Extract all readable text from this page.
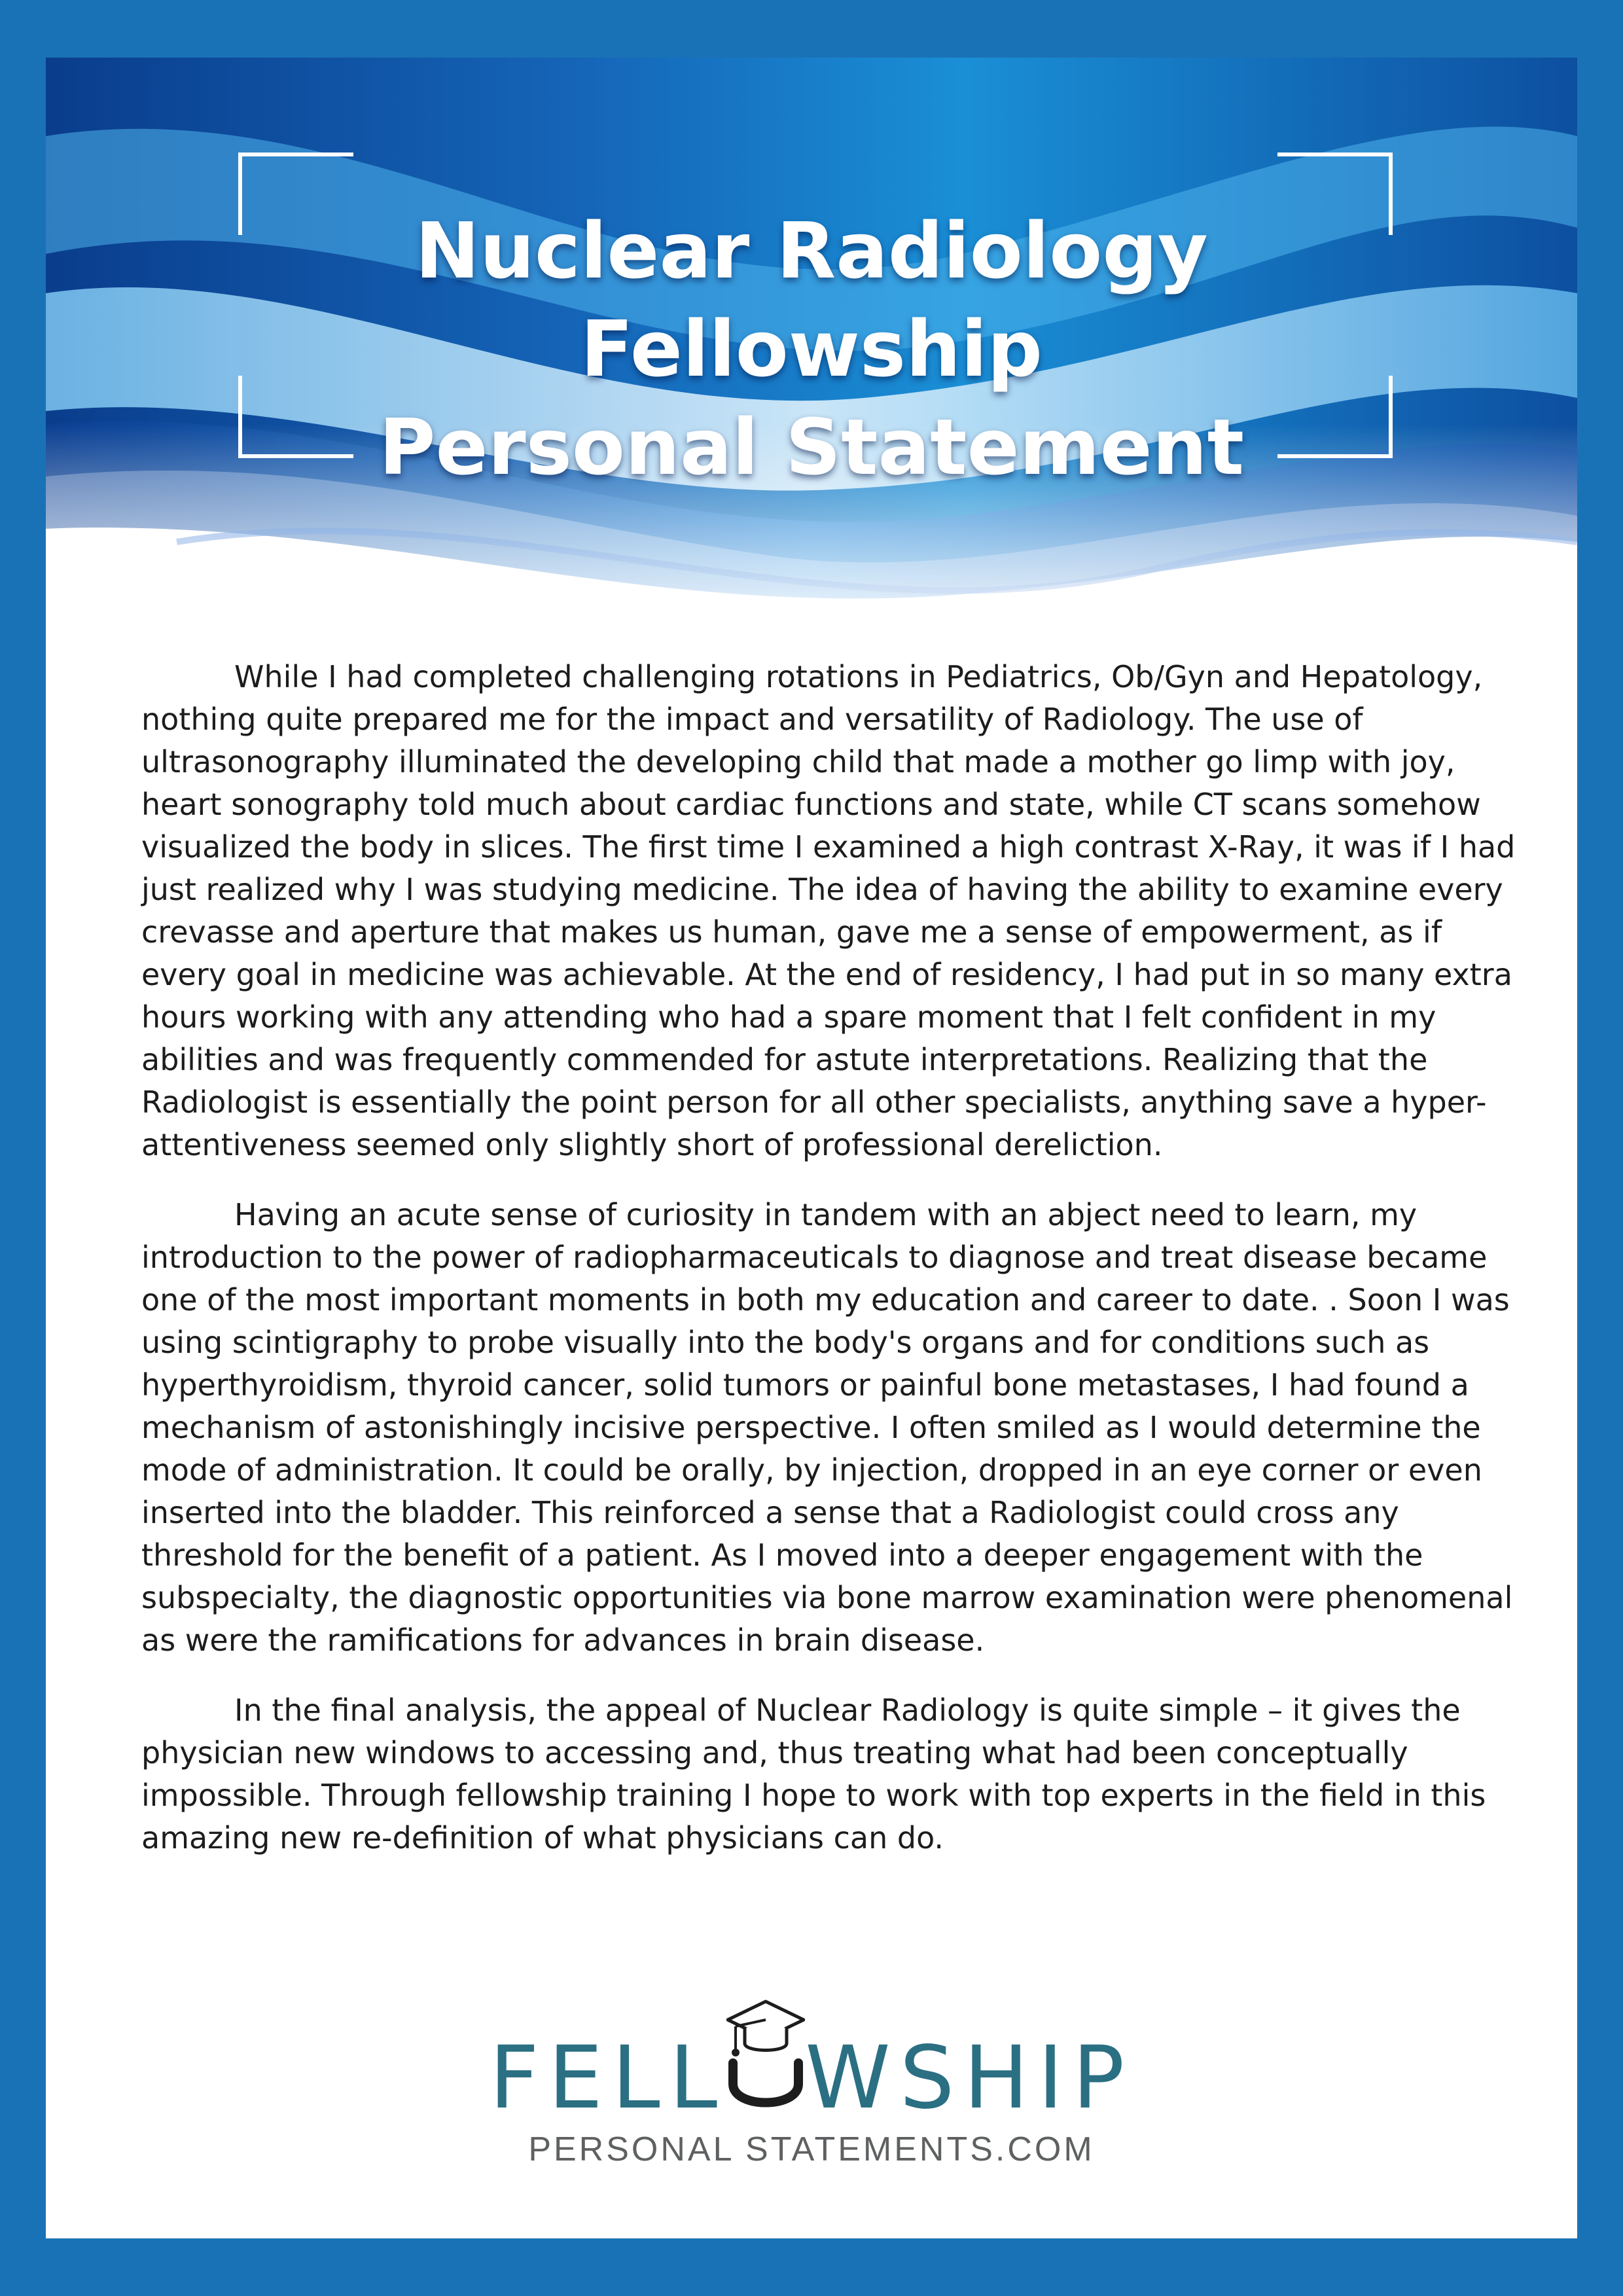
Nuclear Radiology Fellowship
Personal Statement

While I had completed challenging rotations in Pediatrics, Ob/Gyn and Hepatology, nothing quite prepared me for the impact and versatility of Radiology. The use of ultrasonography illuminated the developing child that made a mother go limp with joy, heart sonography told much about cardiac functions and state, while CT scans somehow visualized the body in slices. The first time I examined a high contrast X-Ray, it was if I had just realized why I was studying medicine. The idea of having the ability to examine every crevasse and aperture that makes us human, gave me a sense of empowerment, as if every goal in medicine was achievable. At the end of residency, I had put in so many extra hours working with any attending who had a spare moment that I felt confident in my abilities and was frequently commended for astute interpretations. Realizing that the Radiologist is essentially the point person for all other specialists, anything save a hyper-attentiveness seemed only slightly short of professional dereliction.

Having an acute sense of curiosity in tandem with an abject need to learn, my introduction to the power of radiopharmaceuticals to diagnose and treat disease became one of the most important moments in both my education and career to date. . Soon I was using scintigraphy to probe visually into the body's organs and for conditions such as hyperthyroidism, thyroid cancer, solid tumors or painful bone metastases, I had found a mechanism of astonishingly incisive perspective. I often smiled as I would determine the mode of administration. It could be orally, by injection, dropped in an eye corner or even inserted into the bladder. This reinforced a sense that a Radiologist could cross any threshold for the benefit of a patient. As I moved into a deeper engagement with the subspecialty, the diagnostic opportunities via bone marrow examination were phenomenal as were the ramifications for advances in brain disease.

In the final analysis, the appeal of Nuclear Radiology is quite simple – it gives the physician new windows to accessing and, thus treating what had been conceptually impossible. Through fellowship training I hope to work with top experts in the field in this amazing new re-definition of what physicians can do.

FELL WSHIP
PERSONAL STATEMENTS.COM
